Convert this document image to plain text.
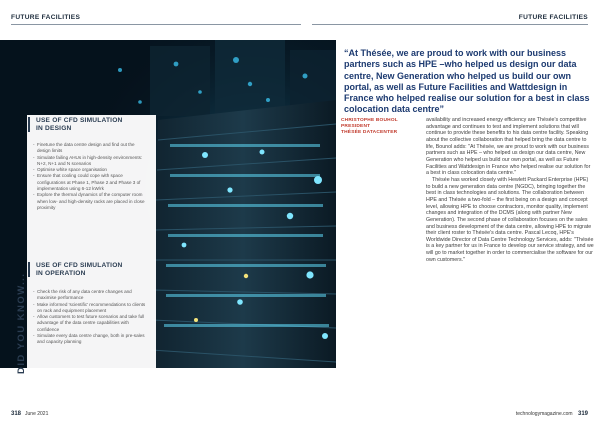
FUTURE FACILITIES	FUTURE FACILITIES
USE OF CFD SIMULATION
IN DESIGN
- Finetune the data centre design and find out the design limits
- Simulate failing AHUs in high-density environments: N+2, N+1 and N scenarios
- Optimise white space organisation
- Ensure that cooling could cope with space configurations at Phase 1, Phase 2 and Phase 3 of implementation using 6-12 kW/rk
- Explore the thermal dynamics of the computer room when low- and high-density racks are placed in close proximity
USE OF CFD SIMULATION
IN OPERATION
- Check the risk of any data centre changes and maximise performance
- Make informed 'scientific' recommendations to clients on rack and equipment placement
- Allow customers to test future scenarios and take full advantage of the data centre capabilities with confidence
- Simulate every data centre change, both in pre-sales and capacity planning
DID YOU KNOW...
“At Thésée, we are proud to work with our business partners such as HPE –who helped us design our data centre, New Generation who helped us build our own portal, as well as Future Facilities and Wattdesign in France who helped realise our solution for a best in class colocation data centre”
CHRISTOPHE BOUHOL
PRESIDENT
THÉSÉE DATACENTER

availability and increased energy efficiency are Thésée's competitive advantage and continues to test and implement solutions that will continue to provide these benefits to his data centre facility. Speaking about the collective collaboration that helped bring the data centre to life, Bounol adds: "At Thésée, we are proud to work with our business partners such as HPE – who helped us design our data centre, New Generation who helped us build our own portal, as well as Future Facilities and Wattdesign in France who helped realise our solution for a best in class colocation data centre."

Thésée has worked closely with Hewlett Packard Enterprise (HPE) to build a new generation data centre (NGDC), bringing together the best in class technologies and solutions. The collaboration between HPE and Thésée a two-fold – the first being on a design and concept level, allowing HPE to choose contractors, monitor quality, implement changes and integration of the DCMS (along with partner New Generation). The second phase of collaboration focuses on the sales and business development of the data centre, allowing HPE to migrate their client roster to Thésée's data centre. Pascal Lecoq, HPE's Worldwide Director of Data Centre Technology Services, adds: "Thésée is a key partner for us in France to develop our service strategy, and we will go to market together in order to commercialise the software for our own customers."

318 June 2021	technologymagazine.com 319
